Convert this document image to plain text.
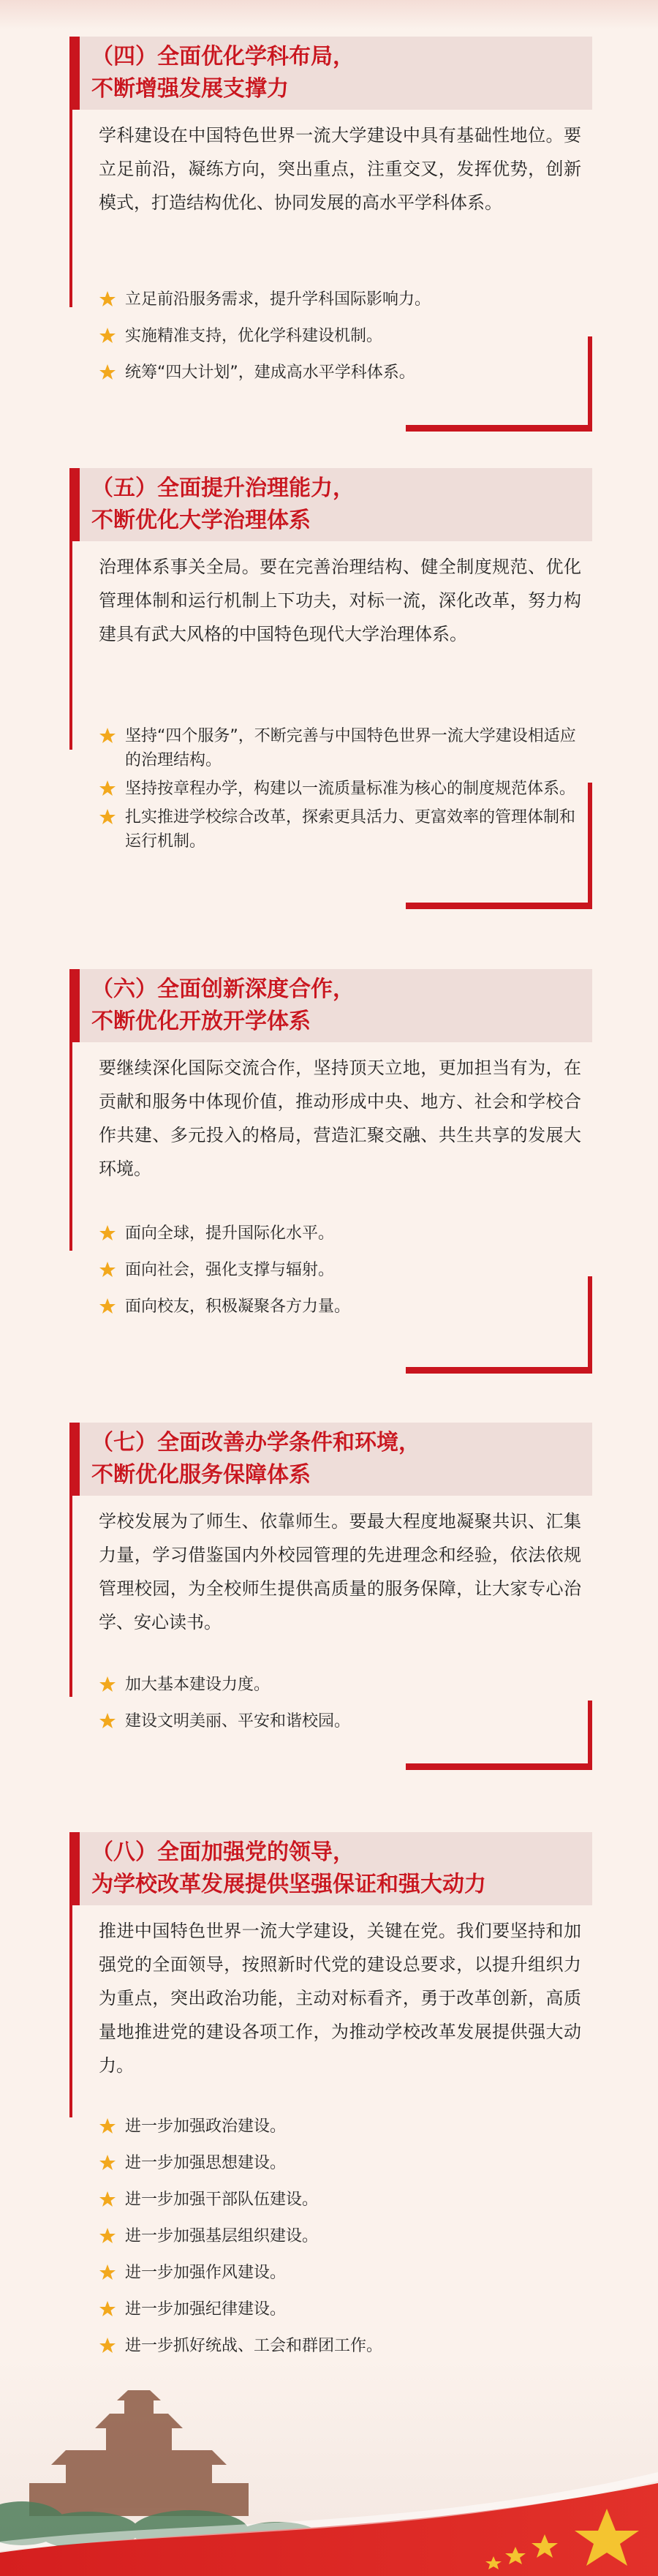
（四）全面优化学科布局，
不断增强发展支撑力
学科建设在中国特色世界一流大学建设中具有基础性地位。要立足前沿，凝练方向，突出重点，注重交叉，发挥优势，创新模式，打造结构优化、协同发展的高水平学科体系。
立足前沿服务需求，提升学科国际影响力。
实施精准支持，优化学科建设机制。
统筹“四大计划”，建成高水平学科体系。
（五）全面提升治理能力，
不断优化大学治理体系
治理体系事关全局。要在完善治理结构、健全制度规范、优化管理体制和运行机制上下功夫，对标一流，深化改革，努力构建具有武大风格的中国特色现代大学治理体系。
坚持“四个服务”，不断完善与中国特色世界一流大学建设相适应的治理结构。
坚持按章程办学，构建以一流质量标准为核心的制度规范体系。
扎实推进学校综合改革，探索更具活力、更富效率的管理体制和运行机制。
（六）全面创新深度合作，
不断优化开放开学体系
要继续深化国际交流合作，坚持顶天立地，更加担当有为，在贡献和服务中体现价值，推动形成中央、地方、社会和学校合作共建、多元投入的格局，营造汇聚交融、共生共享的发展大环境。
面向全球，提升国际化水平。
面向社会，强化支撑与辐射。
面向校友，积极凝聚各方力量。
（七）全面改善办学条件和环境，
不断优化服务保障体系
学校发展为了师生、依靠师生。要最大程度地凝聚共识、汇集力量，学习借鉴国内外校园管理的先进理念和经验，依法依规管理校园，为全校师生提供高质量的服务保障，让大家专心治学、安心读书。
加大基本建设力度。
建设文明美丽、平安和谐校园。
（八）全面加强党的领导，
为学校改革发展提供坚强保证和强大动力
推进中国特色世界一流大学建设，关键在党。我们要坚持和加强党的全面领导，按照新时代党的建设总要求，以提升组织力为重点，突出政治功能，主动对标看齐，勇于改革创新，高质量地推进党的建设各项工作，为推动学校改革发展提供强大动力。
进一步加强政治建设。
进一步加强思想建设。
进一步加强干部队伍建设。
进一步加强基层组织建设。
进一步加强作风建设。
进一步加强纪律建设。
进一步抓好统战、工会和群团工作。
